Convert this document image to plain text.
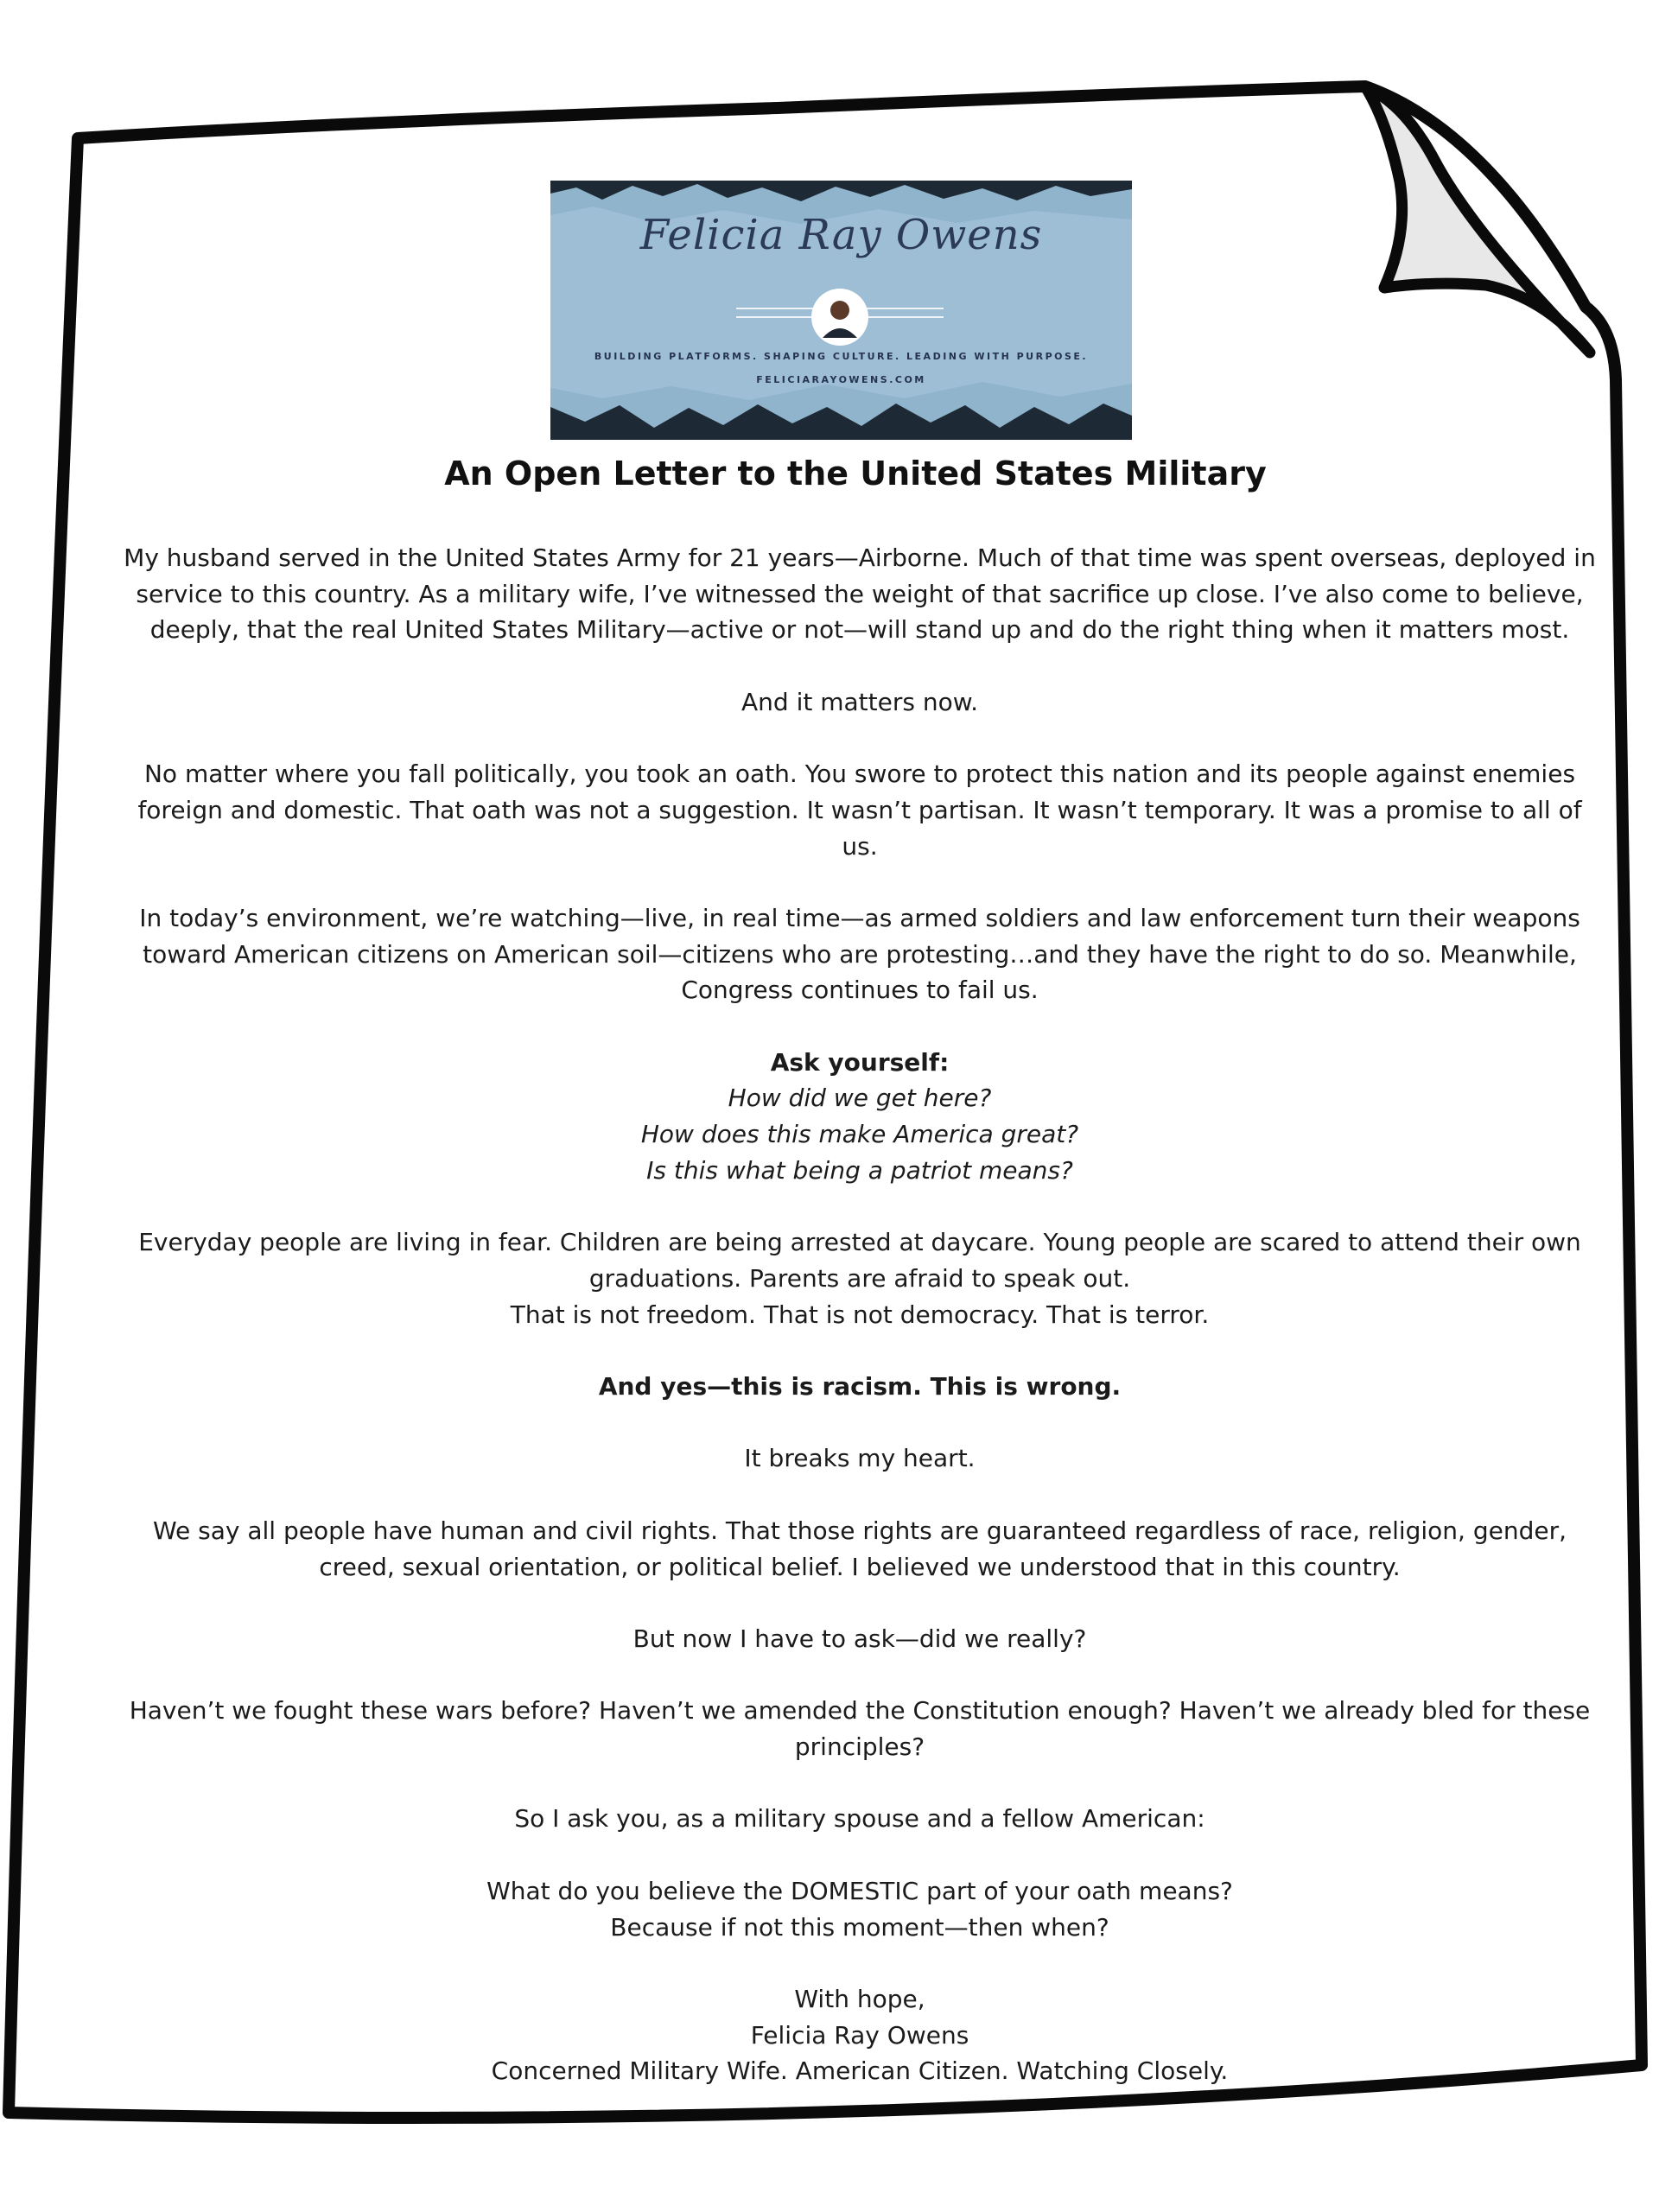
Felicia Ray Owens
BUILDING PLATFORMS. SHAPING CULTURE. LEADING WITH PURPOSE.
FELICIARAYOWENS.COM
An Open Letter to the United States Military

My husband served in the United States Army for 21 years—Airborne. Much of that time was spent overseas, deployed in service to this country. As a military wife, I’ve witnessed the weight of that sacrifice up close. I’ve also come to believe, deeply, that the real United States Military—active or not—will stand up and do the right thing when it matters most.

And it matters now.

No matter where you fall politically, you took an oath. You swore to protect this nation and its people against enemies foreign and domestic. That oath was not a suggestion. It wasn’t partisan. It wasn’t temporary. It was a promise to all of us.

In today’s environment, we’re watching—live, in real time—as armed soldiers and law enforcement turn their weapons toward American citizens on American soil—citizens who are protesting…and they have the right to do so. Meanwhile, Congress continues to fail us.

Ask yourself:
How did we get here?
How does this make America great?
Is this what being a patriot means?

Everyday people are living in fear. Children are being arrested at daycare. Young people are scared to attend their own graduations. Parents are afraid to speak out.
That is not freedom. That is not democracy. That is terror.

And yes—this is racism. This is wrong.

It breaks my heart.

We say all people have human and civil rights. That those rights are guaranteed regardless of race, religion, gender, creed, sexual orientation, or political belief. I believed we understood that in this country.

But now I have to ask—did we really?

Haven’t we fought these wars before? Haven’t we amended the Constitution enough? Haven’t we already bled for these principles?

So I ask you, as a military spouse and a fellow American:

What do you believe the DOMESTIC part of your oath means?
Because if not this moment—then when?

With hope,
Felicia Ray Owens
Concerned Military Wife. American Citizen. Watching Closely.
